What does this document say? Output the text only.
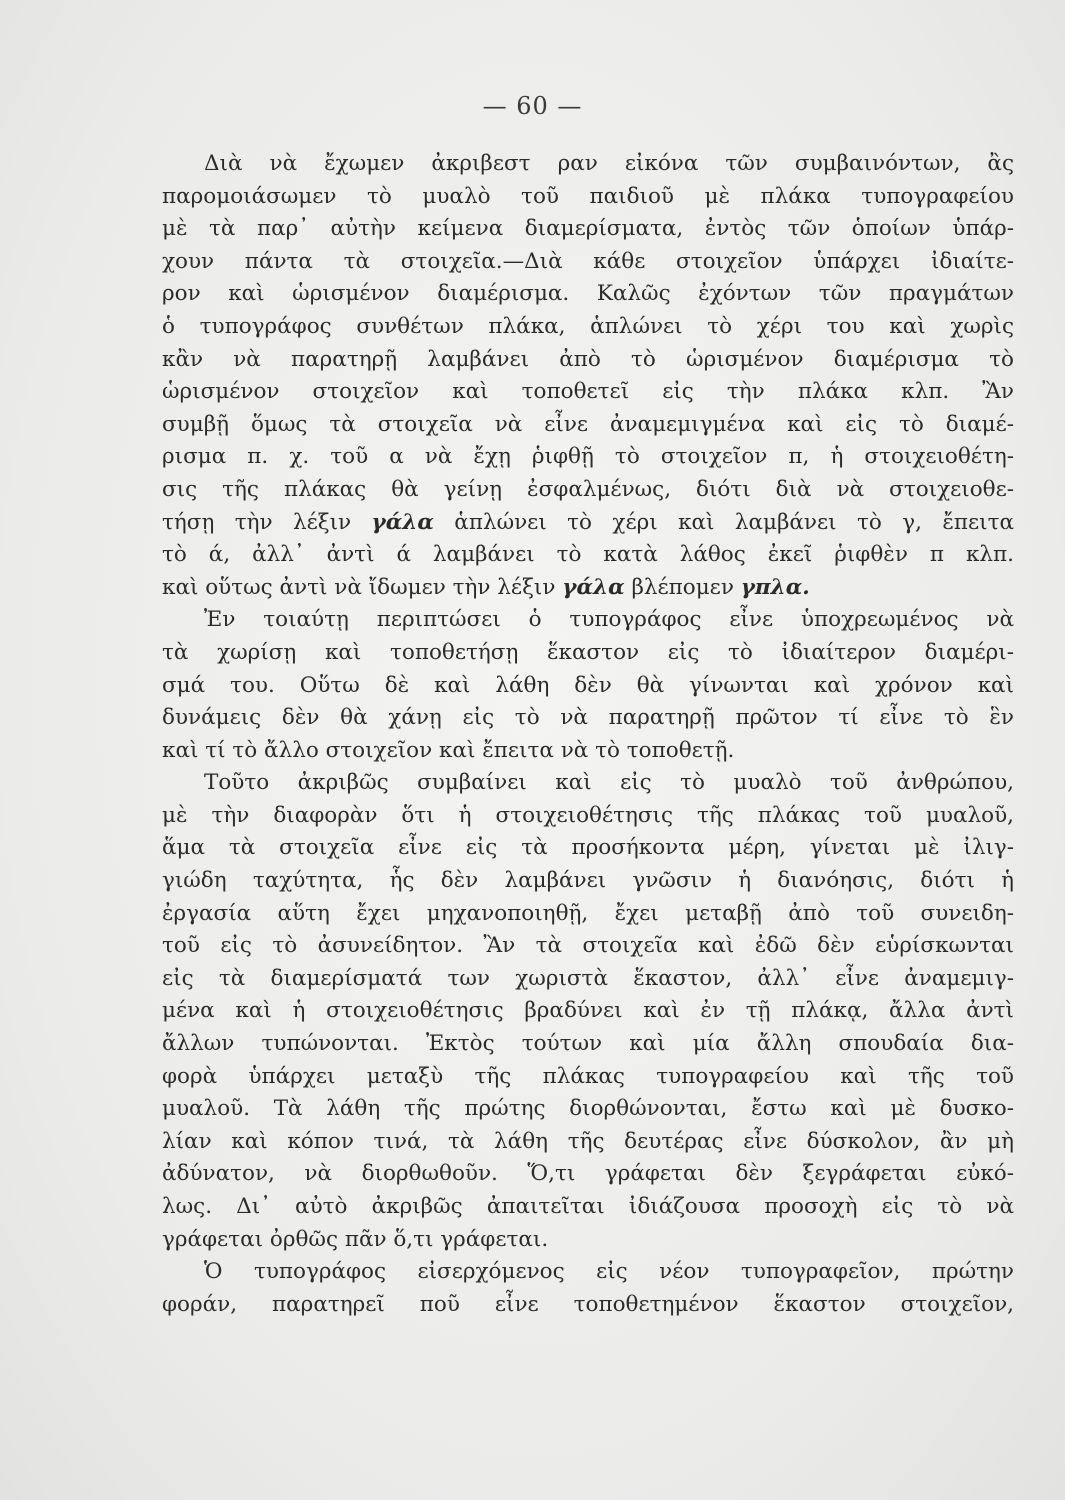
— 60 —
Διὰ νὰ ἔχωμεν ἀκριβεστ ραν εἰκόνα τῶν συμβαινόντων, ἂς
παρομοιάσωμεν τὸ μυαλὸ τοῦ παιδιοῦ μὲ πλάκα τυπογραφείου
μὲ τὰ παρ᾽ αὐτὴν κείμενα διαμερίσματα, ἐντὸς τῶν ὁποίων ὑπάρ-
χουν πάντα τὰ στοιχεῖα.—Διὰ κάθε στοιχεῖον ὑπάρχει ἰδιαίτε-
ρον καὶ ὡρισμένον διαμέρισμα. Καλῶς ἐχόντων τῶν πραγμάτων
ὁ τυπογράφος συνθέτων πλάκα, ἁπλώνει τὸ χέρι του καὶ χωρὶς
κἂν νὰ παρατηρῇ λαμβάνει ἀπὸ τὸ ὡρισμένον διαμέρισμα τὸ
ὡρισμένον στοιχεῖον καὶ τοποθετεῖ εἰς τὴν πλάκα κλπ. Ἂν
συμβῇ ὅμως τὰ στοιχεῖα νὰ εἶνε ἀναμεμιγμένα καὶ εἰς τὸ διαμέ-
ρισμα π. χ. τοῦ α νὰ ἔχῃ ῥιφθῇ τὸ στοιχεῖον π, ἡ στοιχειοθέτη-
σις τῆς πλάκας θὰ γείνῃ ἐσφαλμένως, διότι διὰ νὰ στοιχειοθε-
τήσῃ τὴν λέξιν γάλα ἁπλώνει τὸ χέρι καὶ λαμβάνει τὸ γ, ἔπειτα
τὸ ά, ἀλλ᾽ ἀντὶ ά λαμβάνει τὸ κατὰ λάθος ἐκεῖ ῥιφθὲν π κλπ.
καὶ οὕτως ἀντὶ νὰ ἴδωμεν τὴν λέξιν γάλα βλέπομεν γπλα.
Ἐν τοιαύτῃ περιπτώσει ὁ τυπογράφος εἶνε ὑποχρεωμένος νὰ
τὰ χωρίσῃ καὶ τοποθετήσῃ ἕκαστον εἰς τὸ ἰδιαίτερον διαμέρι-
σμά του. Οὕτω δὲ καὶ λάθη δὲν θὰ γίνωνται καὶ χρόνον καὶ
δυνάμεις δὲν θὰ χάνῃ εἰς τὸ νὰ παρατηρῇ πρῶτον τί εἶνε τὸ ἓν
καὶ τί τὸ ἄλλο στοιχεῖον καὶ ἔπειτα νὰ τὸ τοποθετῇ.
Τοῦτο ἀκριβῶς συμβαίνει καὶ εἰς τὸ μυαλὸ τοῦ ἀνθρώπου,
μὲ τὴν διαφορὰν ὅτι ἡ στοιχειοθέτησις τῆς πλάκας τοῦ μυαλοῦ,
ἅμα τὰ στοιχεῖα εἶνε εἰς τὰ προσήκοντα μέρη, γίνεται μὲ ἰλιγ-
γιώδη ταχύτητα, ἧς δὲν λαμβάνει γνῶσιν ἡ διανόησις, διότι ἡ
ἐργασία αὕτη ἔχει μηχανοποιηθῇ, ἔχει μεταβῇ ἀπὸ τοῦ συνειδη-
τοῦ εἰς τὸ ἀσυνείδητον. Ἂν τὰ στοιχεῖα καὶ ἐδῶ δὲν εὑρίσκωνται
εἰς τὰ διαμερίσματά των χωριστὰ ἕκαστον, ἀλλ᾽ εἶνε ἀναμεμιγ-
μένα καὶ ἡ στοιχειοθέτησις βραδύνει καὶ ἐν τῇ πλάκᾳ, ἄλλα ἀντὶ
ἄλλων τυπώνονται. Ἐκτὸς τούτων καὶ μία ἄλλη σπουδαία δια-
φορὰ ὑπάρχει μεταξὺ τῆς πλάκας τυπογραφείου καὶ τῆς τοῦ
μυαλοῦ. Τὰ λάθη τῆς πρώτης διορθώνονται, ἔστω καὶ μὲ δυσκο-
λίαν καὶ κόπον τινά, τὰ λάθη τῆς δευτέρας εἶνε δύσκολον, ἂν μὴ
ἀδύνατον, νὰ διορθωθοῦν. Ὅ,τι γράφεται δὲν ξεγράφεται εὐκό-
λως. Δι᾽ αὐτὸ ἀκριβῶς ἀπαιτεῖται ἰδιάζουσα προσοχὴ εἰς τὸ νὰ
γράφεται ὀρθῶς πᾶν ὅ,τι γράφεται.
Ὁ τυπογράφος εἰσερχόμενος εἰς νέον τυπογραφεῖον, πρώτην
φοράν, παρατηρεῖ ποῦ εἶνε τοποθετημένον ἕκαστον στοιχεῖον,
